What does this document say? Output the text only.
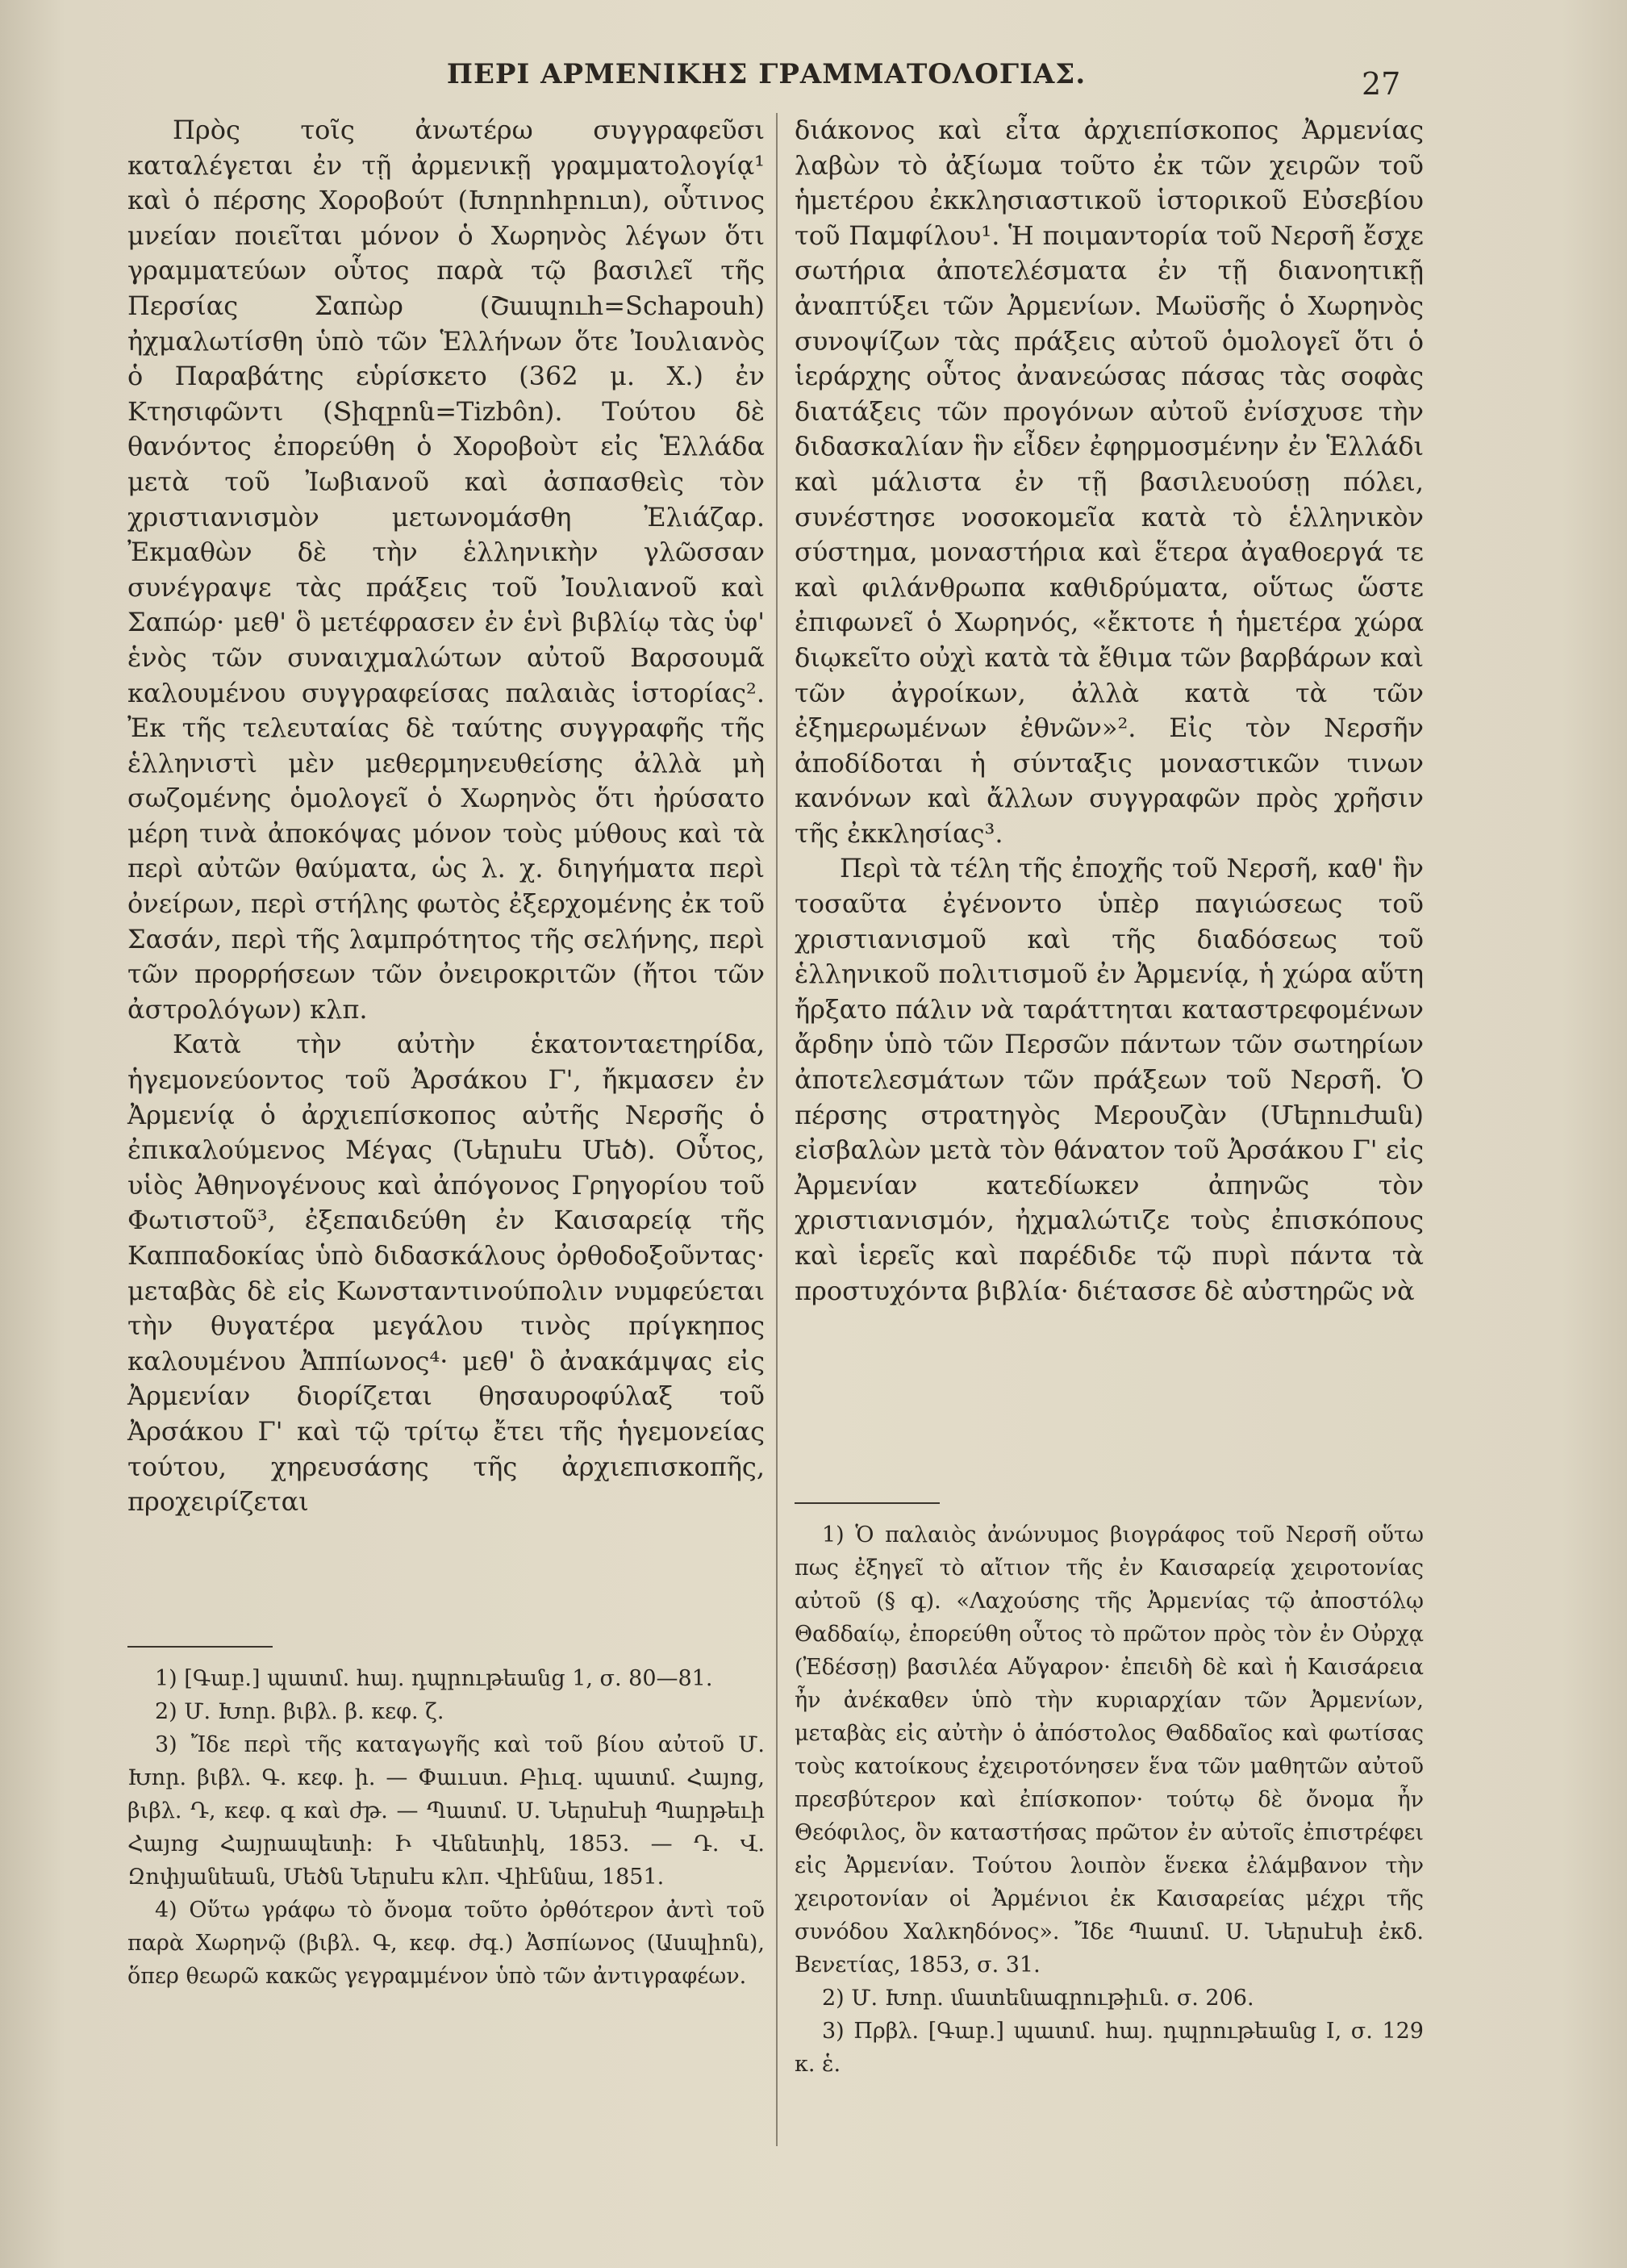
ΠΕΡΙ ΑΡΜΕΝΙΚΗΣ ΓΡΑΜΜΑΤΟΛΟΓΙΑΣ.	27

Πρὸς τοῖς ἀνωτέρω συγγραφεῦσι καταλέγεται ἐν τῇ ἀρμενικῇ γραμματολογίᾳ¹ καὶ ὁ πέρσης Χοροβούτ (Խորոհբուտ), οὗτινος μνείαν ποιεῖται μόνον ὁ Χωρηνὸς λέγων ὅτι γραμματεύων οὗτος παρὰ τῷ βασιλεῖ τῆς Περσίας Σαπὼρ (Շապուհ=Schapouh) ἠχμαλωτίσθη ὑπὸ τῶν Ἑλλήνων ὅτε Ἰουλιανὸς ὁ Παραβάτης εὑρίσκετο (362 μ. Χ.) ἐν Κτησιφῶντι (Տիզբոն=Tizbôn). Τούτου δὲ θανόντος ἐπορεύθη ὁ Χοροβοὺτ εἰς Ἑλλάδα μετὰ τοῦ Ἰωβιανοῦ καὶ ἀσπασθεὶς τὸν χριστιανισμὸν μετωνομάσθη Ἐλιάζαρ. Ἐκμαθὼν δὲ τὴν ἑλληνικὴν γλῶσσαν συνέγραψε τὰς πράξεις τοῦ Ἰουλιανοῦ καὶ Σαπώρ· μεθ' ὃ μετέφρασεν ἐν ἑνὶ βιβλίῳ τὰς ὑφ' ἑνὸς τῶν συναιχμαλώτων αὐτοῦ Βαρσουμᾶ καλουμένου συγγραφείσας παλαιὰς ἱστορίας². Ἐκ τῆς τελευταίας δὲ ταύτης συγγραφῆς τῆς ἑλληνιστὶ μὲν μεθερμηνευθείσης ἀλλὰ μὴ σωζομένης ὁμολογεῖ ὁ Χωρηνὸς ὅτι ἠρύσατο μέρη τινὰ ἀποκόψας μόνον τοὺς μύθους καὶ τὰ περὶ αὐτῶν θαύματα, ὡς λ. χ. διηγήματα περὶ ὀνείρων, περὶ στήλης φωτὸς ἐξερχομένης ἐκ τοῦ Σασάν, περὶ τῆς λαμπρότητος τῆς σελήνης, περὶ τῶν προρρήσεων τῶν ὀνειροκριτῶν (ἤτοι τῶν ἀστρολόγων) κλπ.

Κατὰ τὴν αὐτὴν ἑκατονταετηρίδα, ἡγεμονεύοντος τοῦ Ἀρσάκου Γ', ἤκμασεν ἐν Ἀρμενίᾳ ὁ ἀρχιεπίσκοπος αὐτῆς Νερσῆς ὁ ἐπικαλούμενος Μέγας (Ներսէս Մեծ). Οὗτος, υἱὸς Ἀθηνογένους καὶ ἀπόγονος Γρηγορίου τοῦ Φωτιστοῦ³, ἐξεπαιδεύθη ἐν Καισαρείᾳ τῆς Καππαδοκίας ὑπὸ διδασκάλους ὀρθοδοξοῦντας· μεταβὰς δὲ εἰς Κωνσταντινούπολιν νυμφεύεται τὴν θυγατέρα μεγάλου τινὸς πρίγκηπος καλουμένου Ἀππίωνος⁴· μεθ' ὃ ἀνακάμψας εἰς Ἀρμενίαν διορίζεται θησαυροφύλαξ τοῦ Ἀρσάκου Γ' καὶ τῷ τρίτῳ ἔτει τῆς ἡγεμονείας τούτου, χηρευσάσης τῆς ἀρχιεπισκοπῆς, προχειρίζεται

1) [Գաբ.] պատմ. հայ. դպրութեանց 1, σ. 80—81.

2) Մ. Խոր. βιβλ. β. κεφ. ζ.

3) Ἴδε περὶ τῆς καταγωγῆς καὶ τοῦ βίου αὐτοῦ Մ. Խոր. βιβλ. Գ. κεφ. ի. — Փաւստ. Բիւզ. պատմ. Հայոց, βιβλ. Դ, κεφ. գ καὶ ժթ. — Պատմ. Ս. Ներսէսի Պարթեւի Հայոց Հայրապետի: Ի Վենետիկ, 1853. — Դ. Վ. Զոփյանեան, Մեծն Ներսէս κλπ. Վիէննա, 1851.

4) Οὕτω γράφω τὸ ὄνομα τοῦτο ὀρθότερον ἀντὶ τοῦ παρὰ Χωρηνῷ (βιβλ. Գ, κεφ. ժգ.) Ἀσπίωνος (Ասպիոն), ὅπερ θεωρῶ κακῶς γεγραμμένον ὑπὸ τῶν ἀντιγραφέων.

διάκονος καὶ εἶτα ἀρχιεπίσκοπος Ἀρμενίας λαβὼν τὸ ἀξίωμα τοῦτο ἐκ τῶν χειρῶν τοῦ ἡμετέρου ἐκκλησιαστικοῦ ἱστορικοῦ Εὐσεβίου τοῦ Παμφίλου¹. Ἡ ποιμαντορία τοῦ Νερσῆ ἔσχε σωτήρια ἀποτελέσματα ἐν τῇ διανοητικῇ ἀναπτύξει τῶν Ἀρμενίων. Μωϋσῆς ὁ Χωρηνὸς συνοψίζων τὰς πράξεις αὐτοῦ ὁμολογεῖ ὅτι ὁ ἱεράρχης οὗτος ἀνανεώσας πάσας τὰς σοφὰς διατάξεις τῶν προγόνων αὐτοῦ ἐνίσχυσε τὴν διδασκαλίαν ἣν εἶδεν ἐφηρμοσμένην ἐν Ἑλλάδι καὶ μάλιστα ἐν τῇ βασιλευούσῃ πόλει, συνέστησε νοσοκομεῖα κατὰ τὸ ἑλληνικὸν σύστημα, μοναστήρια καὶ ἕτερα ἀγαθοεργά τε καὶ φιλάνθρωπα καθιδρύματα, οὕτως ὥστε ἐπιφωνεῖ ὁ Χωρηνός, «ἔκτοτε ἡ ἡμετέρα χώρα διῳκεῖτο οὐχὶ κατὰ τὰ ἔθιμα τῶν βαρβάρων καὶ τῶν ἀγροίκων, ἀλλὰ κατὰ τὰ τῶν ἐξημερωμένων ἐθνῶν»². Εἰς τὸν Νερσῆν ἀποδίδοται ἡ σύνταξις μοναστικῶν τινων κανόνων καὶ ἄλλων συγγραφῶν πρὸς χρῆσιν τῆς ἐκκλησίας³.

Περὶ τὰ τέλη τῆς ἐποχῆς τοῦ Νερσῆ, καθ' ἣν τοσαῦτα ἐγένοντο ὑπὲρ παγιώσεως τοῦ χριστιανισμοῦ καὶ τῆς διαδόσεως τοῦ ἑλληνικοῦ πολιτισμοῦ ἐν Ἀρμενίᾳ, ἡ χώρα αὕτη ἤρξατο πάλιν νὰ ταράττηται καταστρεφομένων ἄρδην ὑπὸ τῶν Περσῶν πάντων τῶν σωτηρίων ἀποτελεσμάτων τῶν πράξεων τοῦ Νερσῆ. Ὁ πέρσης στρατηγὸς Μερουζὰν (Մերուժան) εἰσβαλὼν μετὰ τὸν θάνατον τοῦ Ἀρσάκου Γ' εἰς Ἀρμενίαν κατεδίωκεν ἀπηνῶς τὸν χριστιανισμόν, ἠχμαλώτιζε τοὺς ἐπισκόπους καὶ ἱερεῖς καὶ παρέδιδε τῷ πυρὶ πάντα τὰ προστυχόντα βιβλία· διέτασσε δὲ αὐστηρῶς νὰ

1) Ὁ παλαιὸς ἀνώνυμος βιογράφος τοῦ Νερσῆ οὕτω πως ἐξηγεῖ τὸ αἴτιον τῆς ἐν Καισαρείᾳ χειροτονίας αὐτοῦ (§ գ). «Λαχούσης τῆς Ἀρμενίας τῷ ἀποστόλῳ Θαδδαίῳ, ἐπορεύθη οὗτος τὸ πρῶτον πρὸς τὸν ἐν Οὐρχᾳ (Ἐδέσσῃ) βασιλέα Αὔγαρον· ἐπειδὴ δὲ καὶ ἡ Καισάρεια ἦν ἀνέκαθεν ὑπὸ τὴν κυριαρχίαν τῶν Ἀρμενίων, μεταβὰς εἰς αὐτὴν ὁ ἀπόστολος Θαδδαῖος καὶ φωτίσας τοὺς κατοίκους ἐχειροτόνησεν ἕνα τῶν μαθητῶν αὐτοῦ πρεσβύτερον καὶ ἐπίσκοπον· τούτῳ δὲ ὄνομα ἦν Θεόφιλος, ὃν καταστήσας πρῶτον ἐν αὐτοῖς ἐπιστρέφει εἰς Ἀρμενίαν. Τούτου λοιπὸν ἕνεκα ἐλάμβανον τὴν χειροτονίαν οἱ Ἀρμένιοι ἐκ Καισαρείας μέχρι τῆς συνόδου Χαλκηδόνος». Ἴδε Պատմ. Ս. Ներսէսի ἐκδ. Βενετίας, 1853, σ. 31.

2) Մ. Խոր. մատենագրութիւն. σ. 206.

3) Πρβλ. [Գաբ.] պատմ. հայ. դպրութեանց I, σ. 129 κ. ἑ.
